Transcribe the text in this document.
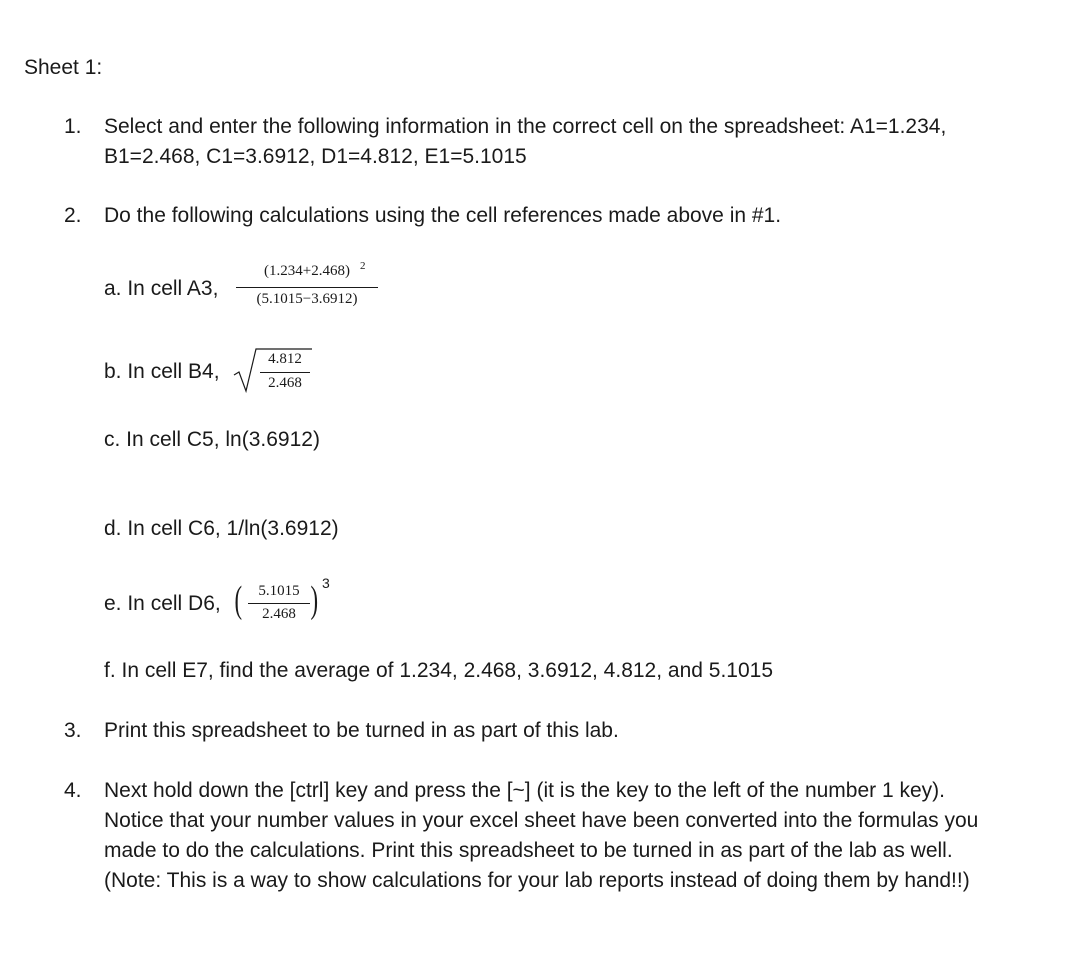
Sheet 1:
1. Select and enter the following information in the correct cell on the spreadsheet: A1=1.234,
B1=2.468, C1=3.6912, D1=4.812, E1=5.1015
2. Do the following calculations using the cell references made above in #1.
a. In cell A3,
(1.234+2.468) 2
(5.1015−3.6912)
b. In cell B4,
4.812
2.468
c. In cell C5, ln(3.6912)
d. In cell C6, 1/ln(3.6912)
e. In cell D6, (	5.1015
2.468 ) 3
f. In cell E7, find the average of 1.234, 2.468, 3.6912, 4.812, and 5.1015
3. Print this spreadsheet to be turned in as part of this lab.
4. Next hold down the [ctrl] key and press the [~] (it is the key to the left of the number 1 key).
Notice that your number values in your excel sheet have been converted into the formulas you
made to do the calculations. Print this spreadsheet to be turned in as part of the lab as well.
(Note: This is a way to show calculations for your lab reports instead of doing them by hand!!)
